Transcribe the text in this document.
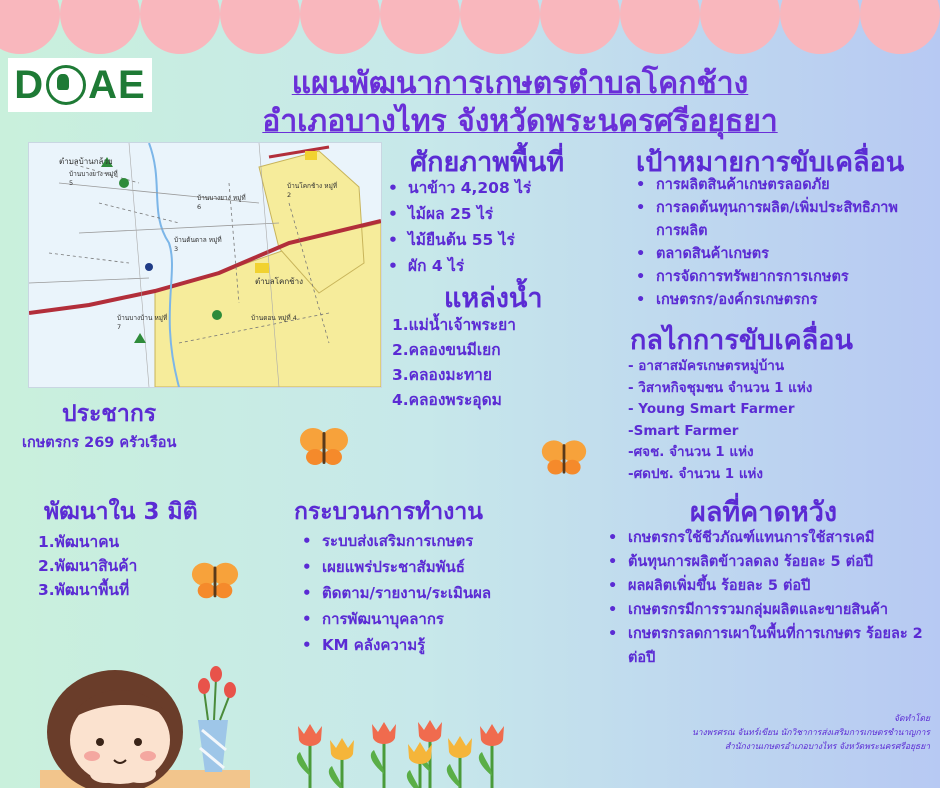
D AE	แผนพัฒนาการเกษตรตำบลโคกช้าง
อำเภอบางไทร จังหวัดพระนครศรีอยุธยา
ตำบลบ้านกล้วย
ตำบลโคกช้าง
บ้านบางยาง หมู่ที่ 5
บ้านบางยาง หมู่ที่ 6
บ้านต้นตาล หมู่ที่ 3
บ้านบางบ้าน หมู่ที่ 7
บ้านโคกช้าง หมู่ที่ 2
บ้านดอน หมู่ที่ 4
ศักยภาพพื้นที่
• นาข้าว 4,208 ไร่
• ไม้ผล 25 ไร่
• ไม้ยืนต้น 55 ไร่
• ผัก 4 ไร่
แหล่งน้ำ
1.แม่น้ำเจ้าพระยา
2.คลองขนมีเยก
3.คลองมะทาย
4.คลองพระอุดม
ประชากร
เกษตรกร 269 ครัวเรือน
เป้าหมายการขับเคลื่อน
• การผลิตสินค้าเกษตรลอดภัย
• การลดต้นทุนการผลิต/เพิ่มประสิทธิภาพการผลิต
• ตลาดสินค้าเกษตร
• การจัดการทรัพยากรการเกษตร
• เกษตรกร/องค์กรเกษตรกร
กลไกการขับเคลื่อน
- อาสาสมัครเกษตรหมู่บ้าน
- วิสาหกิจชุมชน จำนวน 1 แห่ง
- Young Smart Farmer
-Smart Farmer
-ศจช. จำนวน 1 แห่ง
-ศดปช. จำนวน 1 แห่ง
พัฒนาใน 3 มิติ
1.พัฒนาคน
2.พัฒนาสินค้า
3.พัฒนาพื้นที่
กระบวนการทำงาน
• ระบบส่งเสริมการเกษตร
• เผยแพร่ประชาสัมพันธ์
• ติดตาม/รายงาน/ระเมินผล
• การพัฒนาบุคลากร
• KM คลังความรู้
ผลที่คาดหวัง
• เกษตรกรใช้ชีวภัณฑ์แทนการใช้สารเคมี
• ต้นทุนการผลิตข้าวลดลง ร้อยละ 5 ต่อปี
• ผลผลิตเพิ่มขึ้น ร้อยละ 5 ต่อปี
• เกษตรกรมีการรวมกลุ่มผลิตและขายสินค้า
• เกษตรกรลดการเผาในพื้นที่การเกษตร ร้อยละ 2 ต่อปี
จัดทำโดย
นางพรศรณ จันทร์เขียน นักวิชาการส่งเสริมการเกษตรชำนาญการ
สำนักงานเกษตรอำเภอบางไทร จังหวัดพระนครศรีอยุธยา
